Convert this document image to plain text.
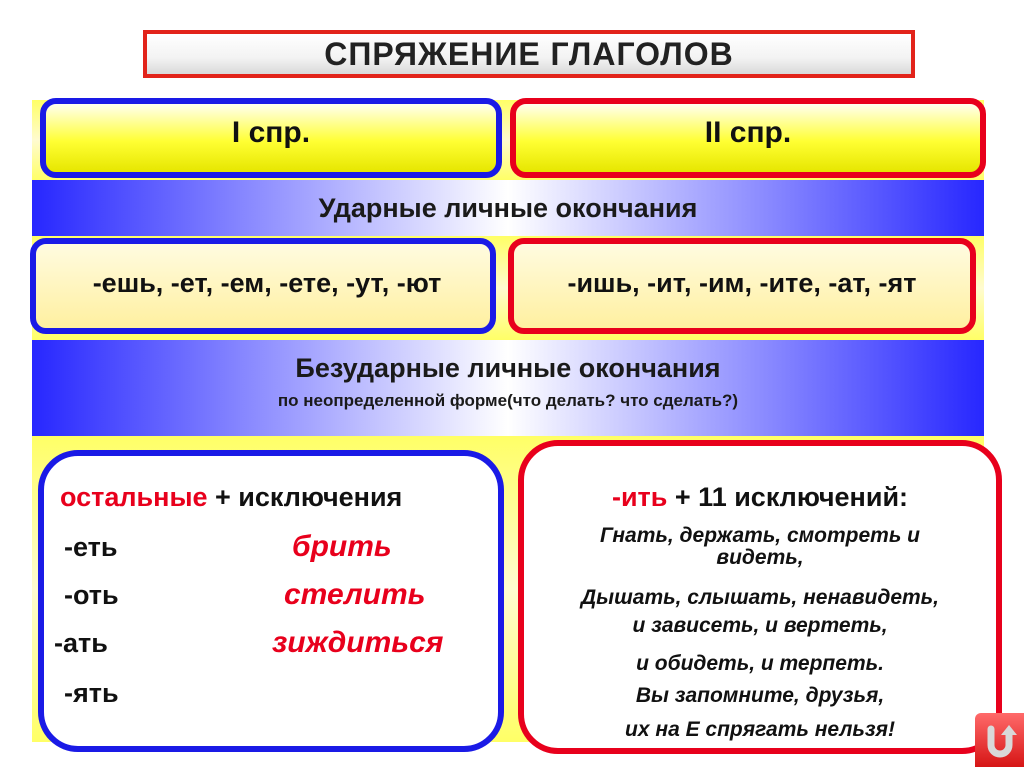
СПРЯЖЕНИЕ ГЛАГОЛОВ
Ударные личные окончания
Безударные личные окончания
по неопределенной форме(что делать? что сделать?)
I спр.	II спр.
-ешь, -ет, -ем, -ете, -ут, -ют	-ишь, -ит, -им, -ите, -ат, -ят
остальные + исключения
-еть
-оть
-ать
-ять
брить
стелить
зиждиться
-ить + 11 исключений:
Гнать, держать, смотреть и
видеть,
Дышать, слышать, ненавидеть,
и зависеть, и вертеть,
и обидеть, и терпеть.
Вы запомните, друзья,
их на Е спрягать нельзя!
